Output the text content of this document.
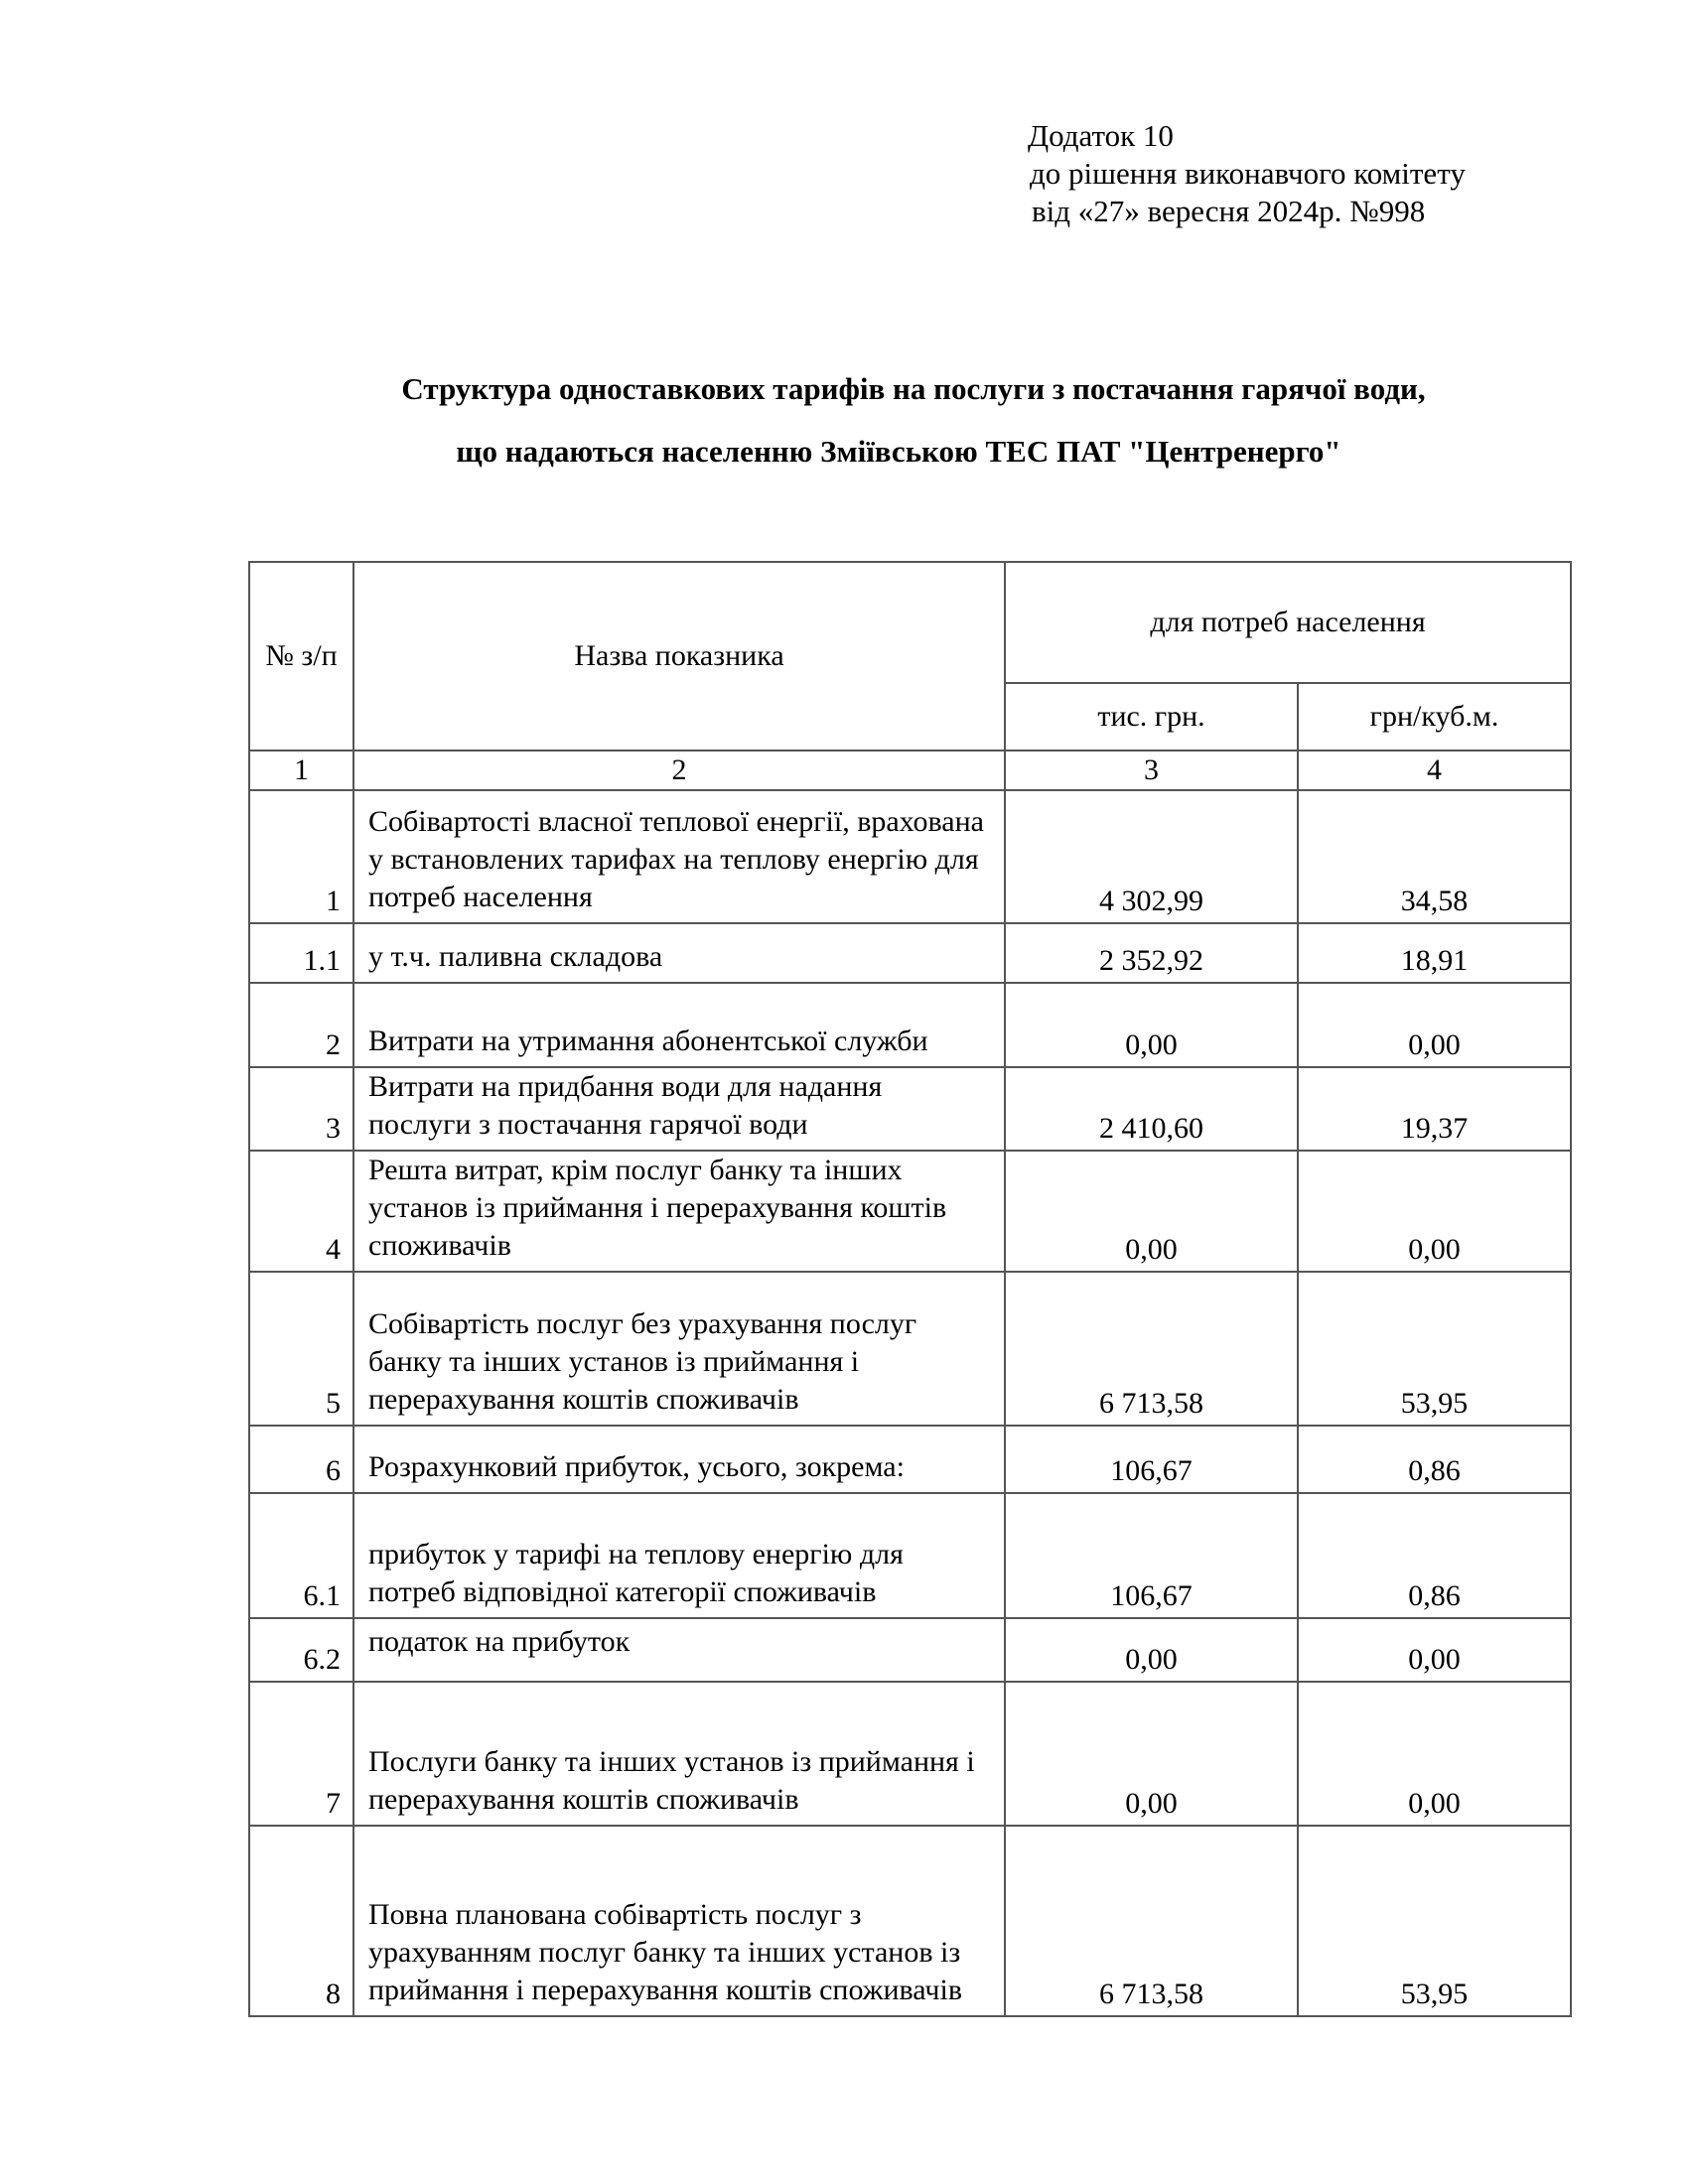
Додаток 10
до рішення виконавчого комітету
від «27» вересня 2024р. №998
Структура одноставкових тарифів на послуги з постачання гарячої води,
що надаються населенню Зміївською ТЕС ПАТ "Центренерго"
№ з/п	Назва показника	для потреб населення	
		тис. грн.	грн/куб.м.
1	2	3	4
1	Собівартості власної теплової енергії, врахована у встановлених тарифах на теплову енергію для потреб населення	4 302,99	34,58
1.1	у т.ч. паливна складова	2 352,92	18,91
2	Витрати на утримання абонентської служби	0,00	0,00
3	Витрати на придбання води для надання послуги з постачання гарячої води	2 410,60	19,37
4	Решта витрат, крім послуг банку та інших установ із приймання і перерахування коштів споживачів	0,00	0,00
5	Собівартість послуг без урахування послуг банку та інших установ із приймання і перерахування коштів споживачів	6 713,58	53,95
6	Розрахунковий прибуток, усього, зокрема:	106,67	0,86
6.1	прибуток у тарифі на теплову енергію для потреб відповідної категорії споживачів	106,67	0,86
6.2	податок на прибуток	0,00	0,00
7	Послуги банку та інших установ із приймання і перерахування коштів споживачів	0,00	0,00
8	Повна планована собівартість послуг з урахуванням послуг банку та інших установ із приймання і перерахування коштів споживачів	6 713,58	53,95
